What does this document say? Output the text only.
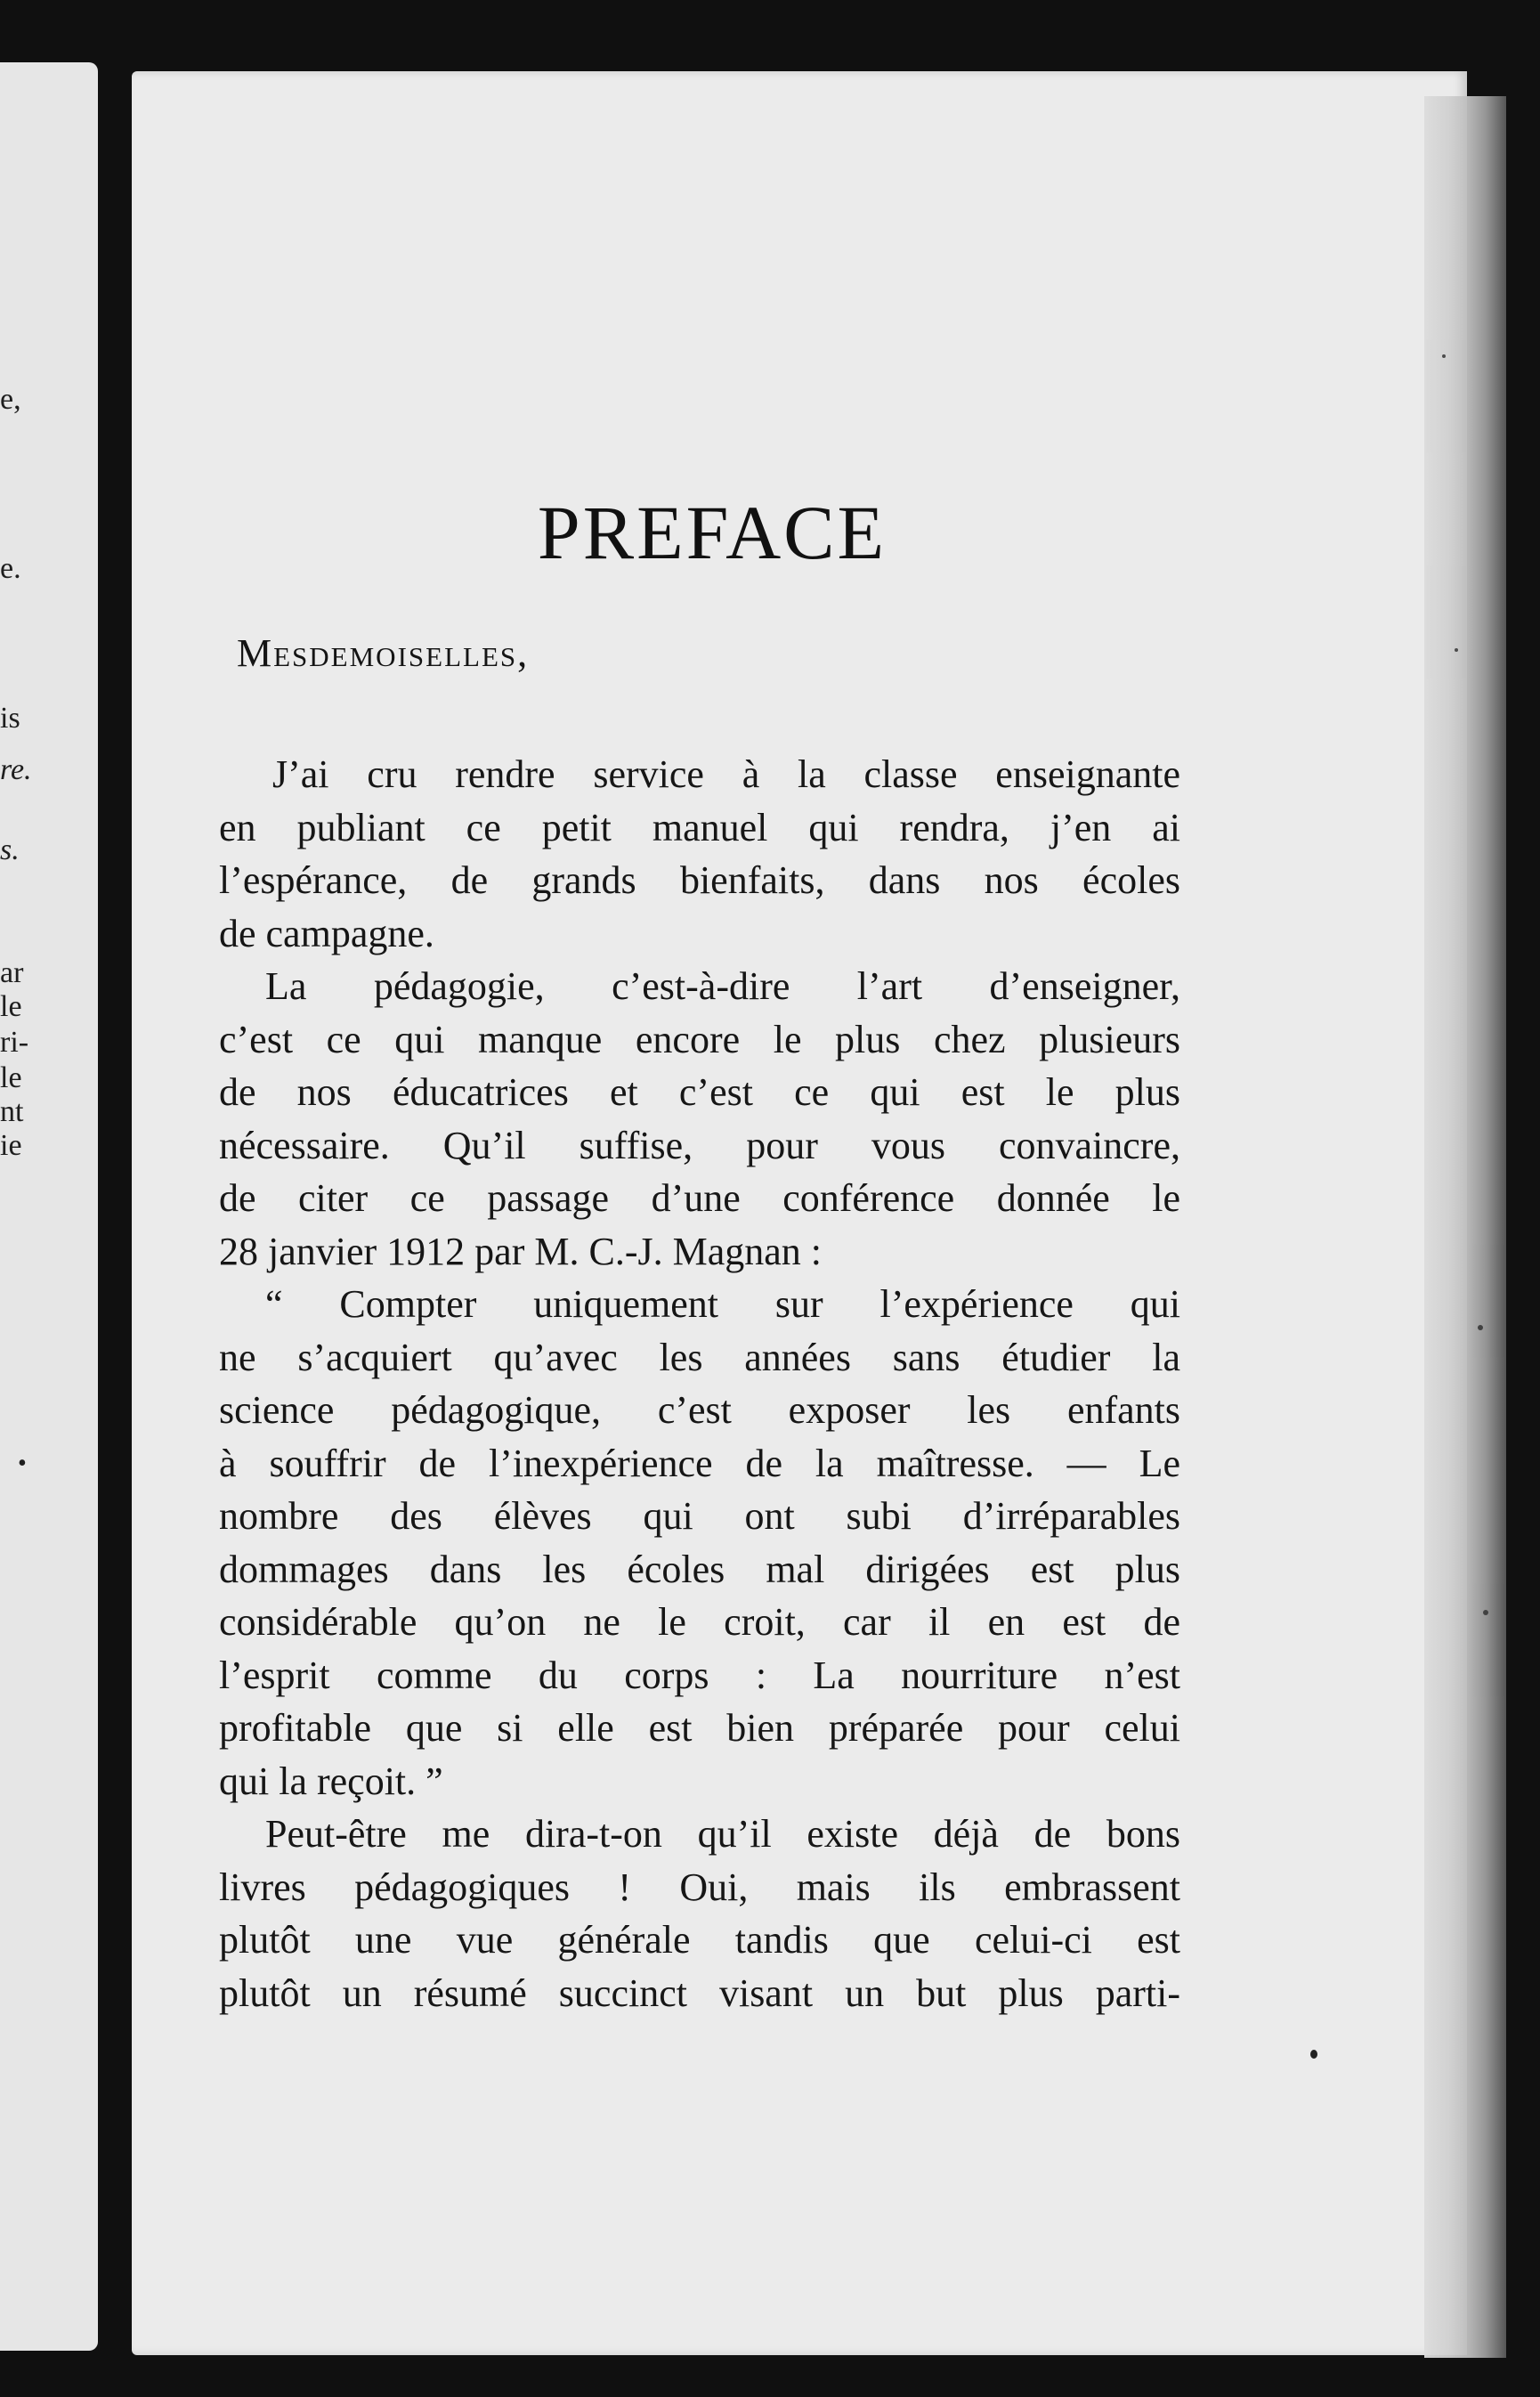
e,
e.
is
re.
s.
ar
le
ri-
le
nt
ie
•
PREFACE

Mesdemoiselles,

J’ai cru rendre service à la classe enseignante
en publiant ce petit manuel qui rendra, j’en ai
l’espérance, de grands bienfaits, dans nos écoles
de campagne.
La pédagogie, c’est-à-dire l’art d’enseigner,
c’est ce qui manque encore le plus chez plusieurs
de nos éducatrices et c’est ce qui est le plus
nécessaire. Qu’il suffise, pour vous convaincre,
de citer ce passage d’une conférence donnée le
28 janvier 1912 par M. C.-J. Magnan :
“ Compter uniquement sur l’expérience qui
ne s’acquiert qu’avec les années sans étudier la
science pédagogique, c’est exposer les enfants
à souffrir de l’inexpérience de la maîtresse. — Le
nombre des élèves qui ont subi d’irréparables
dommages dans les écoles mal dirigées est plus
considérable qu’on ne le croit, car il en est de
l’esprit comme du corps : La nourriture n’est
profitable que si elle est bien préparée pour celui
qui la reçoit. ”
Peut-être me dira-t-on qu’il existe déjà de bons
livres pédagogiques ! Oui, mais ils embrassent
plutôt une vue générale tandis que celui-ci est
plutôt un résumé succinct visant un but plus parti-
